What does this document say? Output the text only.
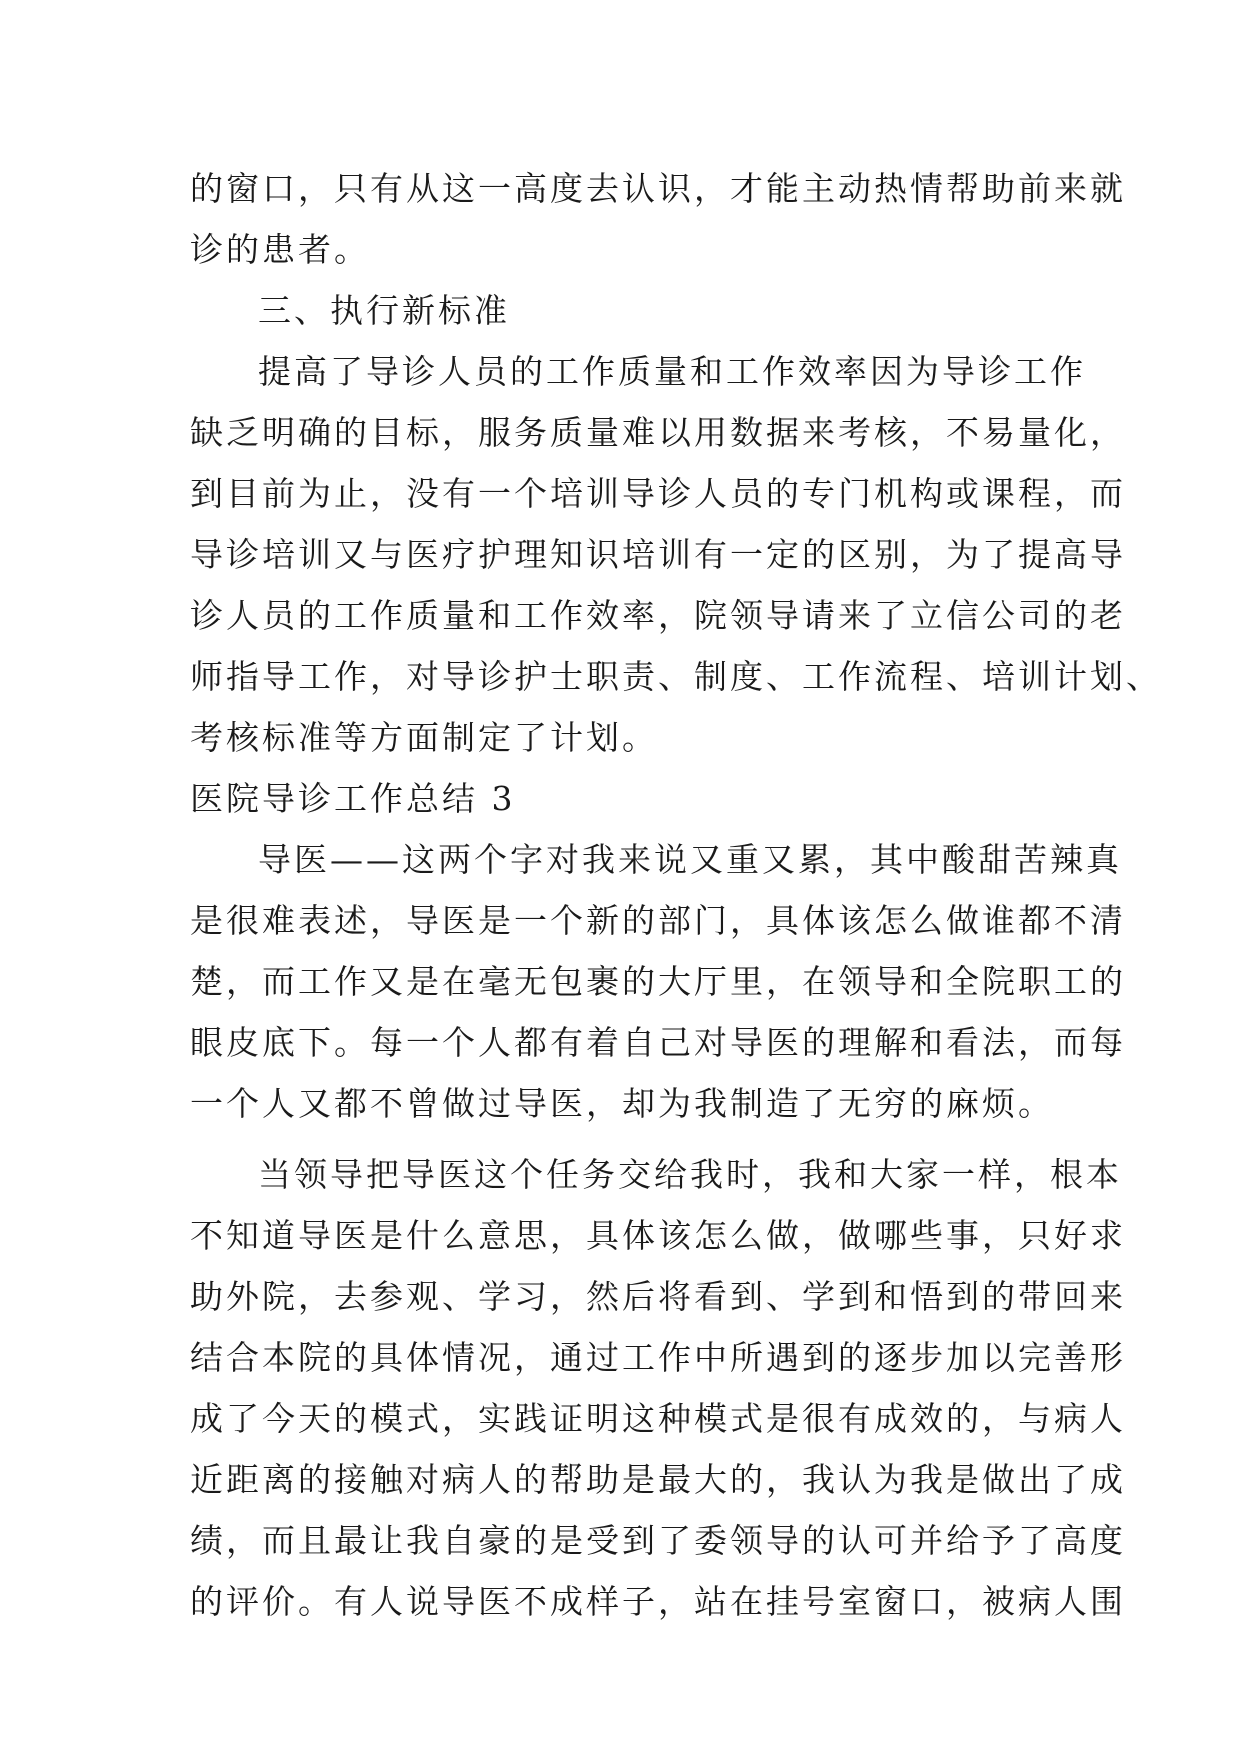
的窗口，只有从这一高度去认识，才能主动热情帮助前来就
诊的患者。
三、执行新标准
提高了导诊人员的工作质量和工作效率因为导诊工作
缺乏明确的目标，服务质量难以用数据来考核，不易量化，
到目前为止，没有一个培训导诊人员的专门机构或课程，而
导诊培训又与医疗护理知识培训有一定的区别，为了提高导
诊人员的工作质量和工作效率，院领导请来了立信公司的老
师指导工作，对导诊护士职责、制度、工作流程、培训计划、
考核标准等方面制定了计划。
医院导诊工作总结 3
导医——这两个字对我来说又重又累，其中酸甜苦辣真
是很难表述，导医是一个新的部门，具体该怎么做谁都不清
楚，而工作又是在毫无包裹的大厅里，在领导和全院职工的
眼皮底下。每一个人都有着自己对导医的理解和看法，而每
一个人又都不曾做过导医，却为我制造了无穷的麻烦。
当领导把导医这个任务交给我时，我和大家一样，根本
不知道导医是什么意思，具体该怎么做，做哪些事，只好求
助外院，去参观、学习，然后将看到、学到和悟到的带回来
结合本院的具体情况，通过工作中所遇到的逐步加以完善形
成了今天的模式，实践证明这种模式是很有成效的，与病人
近距离的接触对病人的帮助是最大的，我认为我是做出了成
绩，而且最让我自豪的是受到了委领导的认可并给予了高度
的评价。有人说导医不成样子，站在挂号室窗口，被病人围
